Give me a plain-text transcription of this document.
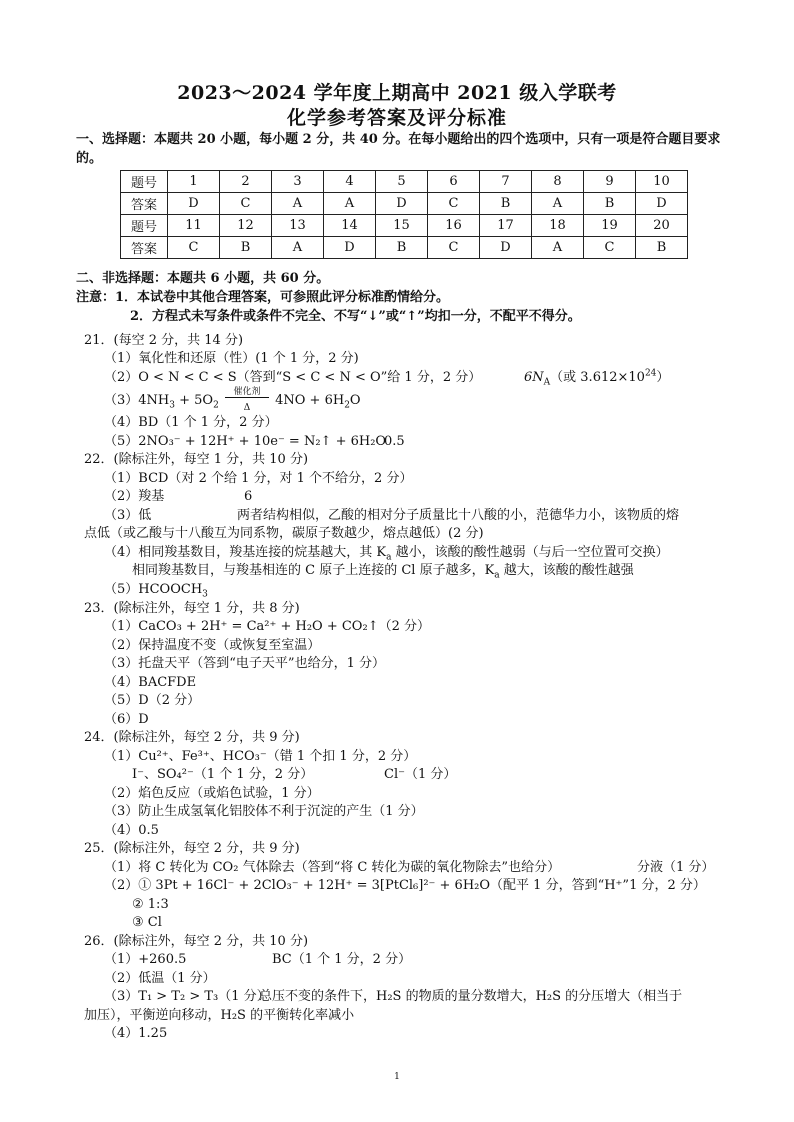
2023～2024 学年度上期高中 2021 级入学联考
化学参考答案及评分标准
一、选择题：本题共 20 小题，每小题 2 分，共 40 分。在每小题给出的四个选项中，只有一项是符合题目要求的。
题号	1	2	3	4	5	6	7	8	9	10
答案	D	C	A	A	D	C	B	A	B	D
题号	11	12	13	14	15	16	17	18	19	20
答案	C	B	A	D	B	C	D	A	C	B
二、非选择题：本题共 6 小题，共 60 分。
注意：1．本试卷中其他合理答案，可参照此评分标准酌情给分。
2．方程式未写条件或条件不完全、不写“↓”或“↑”均扣一分，不配平不得分。
21．(每空 2 分，共 14 分)
（1）氧化性和还原（性）(1 个 1 分，2 分)
（2）O < N < C < S（答到“S < C < N < O”给 1 分，2 分）	$6N_A$（或 $3.612\times 10^{24}$）
$(3)4NH_3 + 5O_2 \frac{\text{催化剂}}{\Delta} 4NO + 6H_2O$
（4）BD（1 个 1 分，2 分）
（5）2NO₃⁻ + 12H⁺ + 10e⁻ = N₂↑ + 6H₂O
0.5
22．(除标注外，每空 1 分，共 10 分)
（1）BCD（对 2 个给 1 分，对 1 个不给分，2 分）
（2）羧基	6
（3）低	两者结构相似，乙酸的相对分子质量比十八酸的小，范德华力小，该物质的熔
点低（或乙酸与十八酸互为同系物，碳原子数越少，熔点越低）(2 分)
（4）相同羧基数目，羧基连接的烷基越大，其 $K_a$ 越小，该酸的酸性越弱（与后一空位置可交换）
相同羧基数目，与羧基相连的 C 原子上连接的 Cl 原子越多，$K_a$ 越大，该酸的酸性越强
$(5)HCOOCH_3$
23．(除标注外，每空 1 分，共 8 分)
（1）CaCO₃ + 2H⁺ = Ca²⁺ + H₂O + CO₂↑（2 分）
（2）保持温度不变（或恢复至室温）
（3）托盘天平（答到“电子天平”也给分，1 分）
（4）BACFDE
（5）D（2 分）
（6）D
24．(除标注外，每空 2 分，共 9 分)
（1）Cu²⁺、Fe³⁺、HCO₃⁻（错 1 个扣 1 分，2 分）
I⁻、SO₄²⁻（1 个 1 分，2 分）	Cl⁻（1 分）
（2）焰色反应（或焰色试验，1 分）
（3）防止生成氢氧化铝胶体不利于沉淀的产生（1 分）
（4）0.5
25．(除标注外，每空 2 分，共 9 分)
（1）将 C 转化为 CO₂ 气体除去（答到“将 C 转化为碳的氧化物除去”也给分）	分液（1 分）
（2）① 3Pt + 16Cl⁻ + 2ClO₃⁻ + 12H⁺ = 3[PtCl₆]²⁻ + 6H₂O（配平 1 分，答到“H⁺”1 分，2 分）
② 1:3
③ Cl
26．(除标注外，每空 2 分，共 10 分)
（1）+260.5	BC（1 个 1 分，2 分）
（2）低温（1 分）
（3）T₁ > T₂ > T₃（1 分）
总压不变的条件下，H₂S 的物质的量分数增大，H₂S 的分压增大（相当于
加压），平衡逆向移动，H₂S 的平衡转化率减小
（4）1.25
1
